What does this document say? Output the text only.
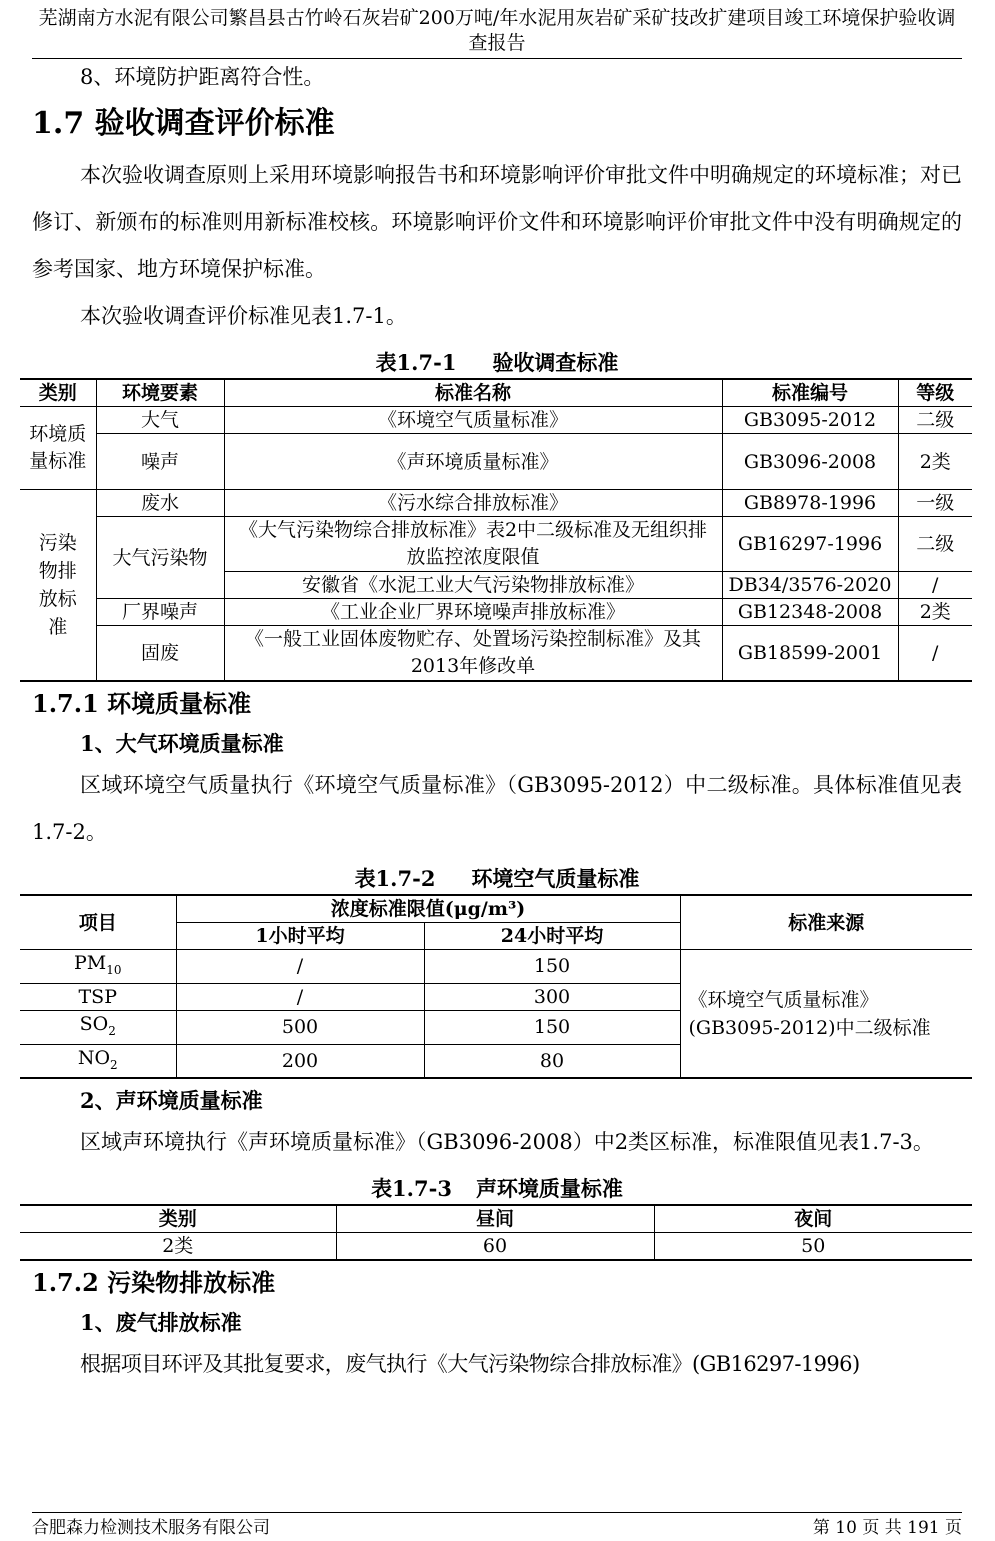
芜湖南方水泥有限公司繁昌县古竹岭石灰岩矿200万吨/年水泥用灰岩矿采矿技改扩建项目竣工环境保护验收调查报告

8、环境防护距离符合性。

1.7 验收调查评价标准

本次验收调查原则上采用环境影响报告书和环境影响评价审批文件中明确规定的环境标准；对已修订、新颁布的标准则用新标准校核。环境影响评价文件和环境影响评价审批文件中没有明确规定的参考国家、地方环境保护标准。

本次验收调查评价标准见表1.7-1。

表1.7-1 验收调查标准
类别	环境要素	标准名称	标准编号	等级
环境质量标准	大气	《环境空气质量标准》	GB3095-2012	二级
	噪声	《声环境质量标准》	GB3096-2008	2类
污染物排放标准	废水	《污水综合排放标准》	GB8978-1996	一级
	大气污染物	《大气污染物综合排放标准》表2中二级标准及无组织排放监控浓度限值	GB16297-1996	二级
		安徽省《水泥工业大气污染物排放标准》	DB34/3576-2020	/
	厂界噪声	《工业企业厂界环境噪声排放标准》	GB12348-2008	2类
	固废	《一般工业固体废物贮存、处置场污染控制标准》及其2013年修改单	GB18599-2001	/
1.7.1 环境质量标准
1、大气环境质量标准

区域环境空气质量执行《环境空气质量标准》（GB3095-2012）中二级标准。具体标准值见表1.7-2。

表1.7-2 环境空气质量标准
项目	浓度标准限值(μg/m³)		标准来源
	1小时平均	24小时平均	
$PM_{10}$	/	150	《环境空气质量标准》(GB3095-2012)中二级标准
TSP	/	300	
$SO_2$	500	150	
$NO_2$	200	80	
2、声环境质量标准

区域声环境执行《声环境质量标准》（GB3096-2008）中2类区标准，标准限值见表1.7-3。

表1.7-3 声环境质量标准
类别	昼间	夜间
2类	60	50
1.7.2 污染物排放标准
1、废气排放标准

根据项目环评及其批复要求，废气执行《大气污染物综合排放标准》(GB16297-1996)

合肥森力检测技术服务有限公司	第 10 页 共 191 页
